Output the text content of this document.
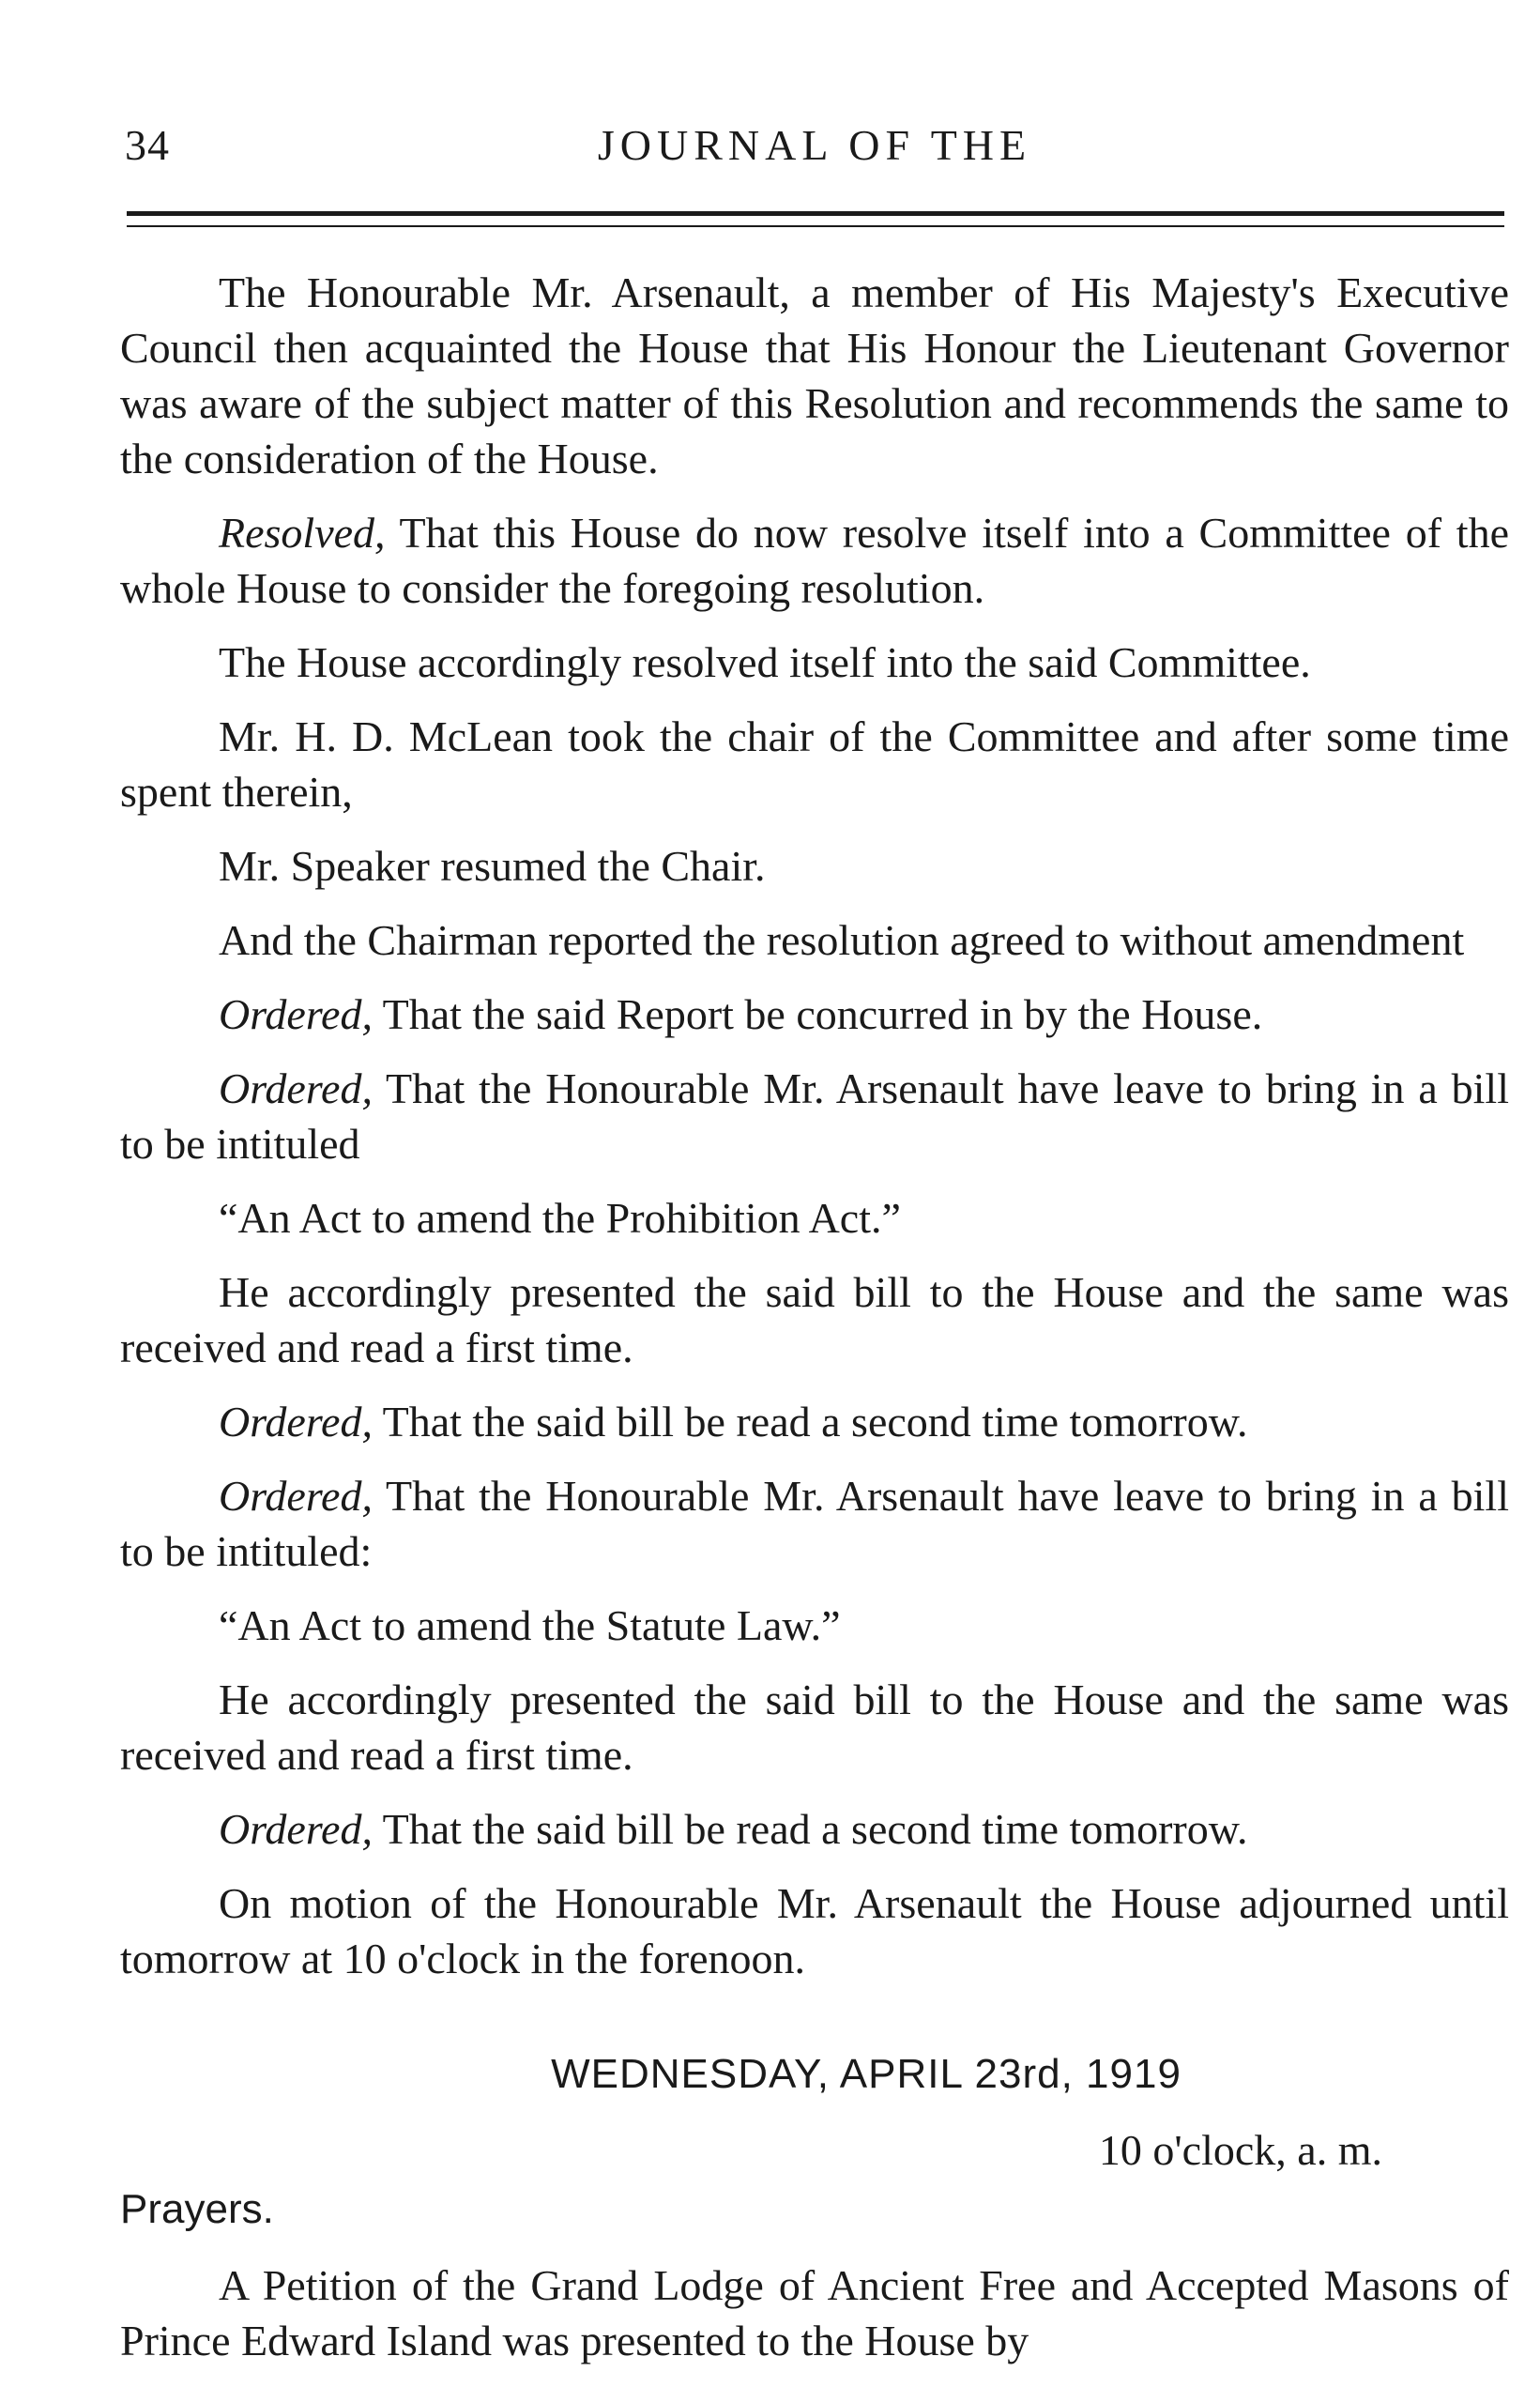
34	JOURNAL OF THE

The Honourable Mr. Arsenault, a member of His Majesty's Executive Council then acquainted the House that His Honour the Lieutenant Governor was aware of the subject matter of this Resolution and recommends the same to the consideration of the House.

Resolved, That this House do now resolve itself into a Committee of the whole House to consider the foregoing resolution.

The House accordingly resolved itself into the said Committee.

Mr. H. D. McLean took the chair of the Committee and after some time spent therein,

Mr. Speaker resumed the Chair.

And the Chairman reported the resolution agreed to without amendment

Ordered, That the said Report be concurred in by the House.

Ordered, That the Honourable Mr. Arsenault have leave to bring in a bill to be intituled

“An Act to amend the Prohibition Act.”

He accordingly presented the said bill to the House and the same was received and read a first time.

Ordered, That the said bill be read a second time tomorrow.

Ordered, That the Honourable Mr. Arsenault have leave to bring in a bill to be intituled:

“An Act to amend the Statute Law.”

He accordingly presented the said bill to the House and the same was received and read a first time.

Ordered, That the said bill be read a second time tomorrow.

On motion of the Honourable Mr. Arsenault the House adjourned until tomorrow at 10 o'clock in the forenoon.

WEDNESDAY, APRIL 23rd, 1919
10 o'clock, a. m.
Prayers.

A Petition of the Grand Lodge of Ancient Free and Accepted Masons of Prince Edward Island was presented to the House by
